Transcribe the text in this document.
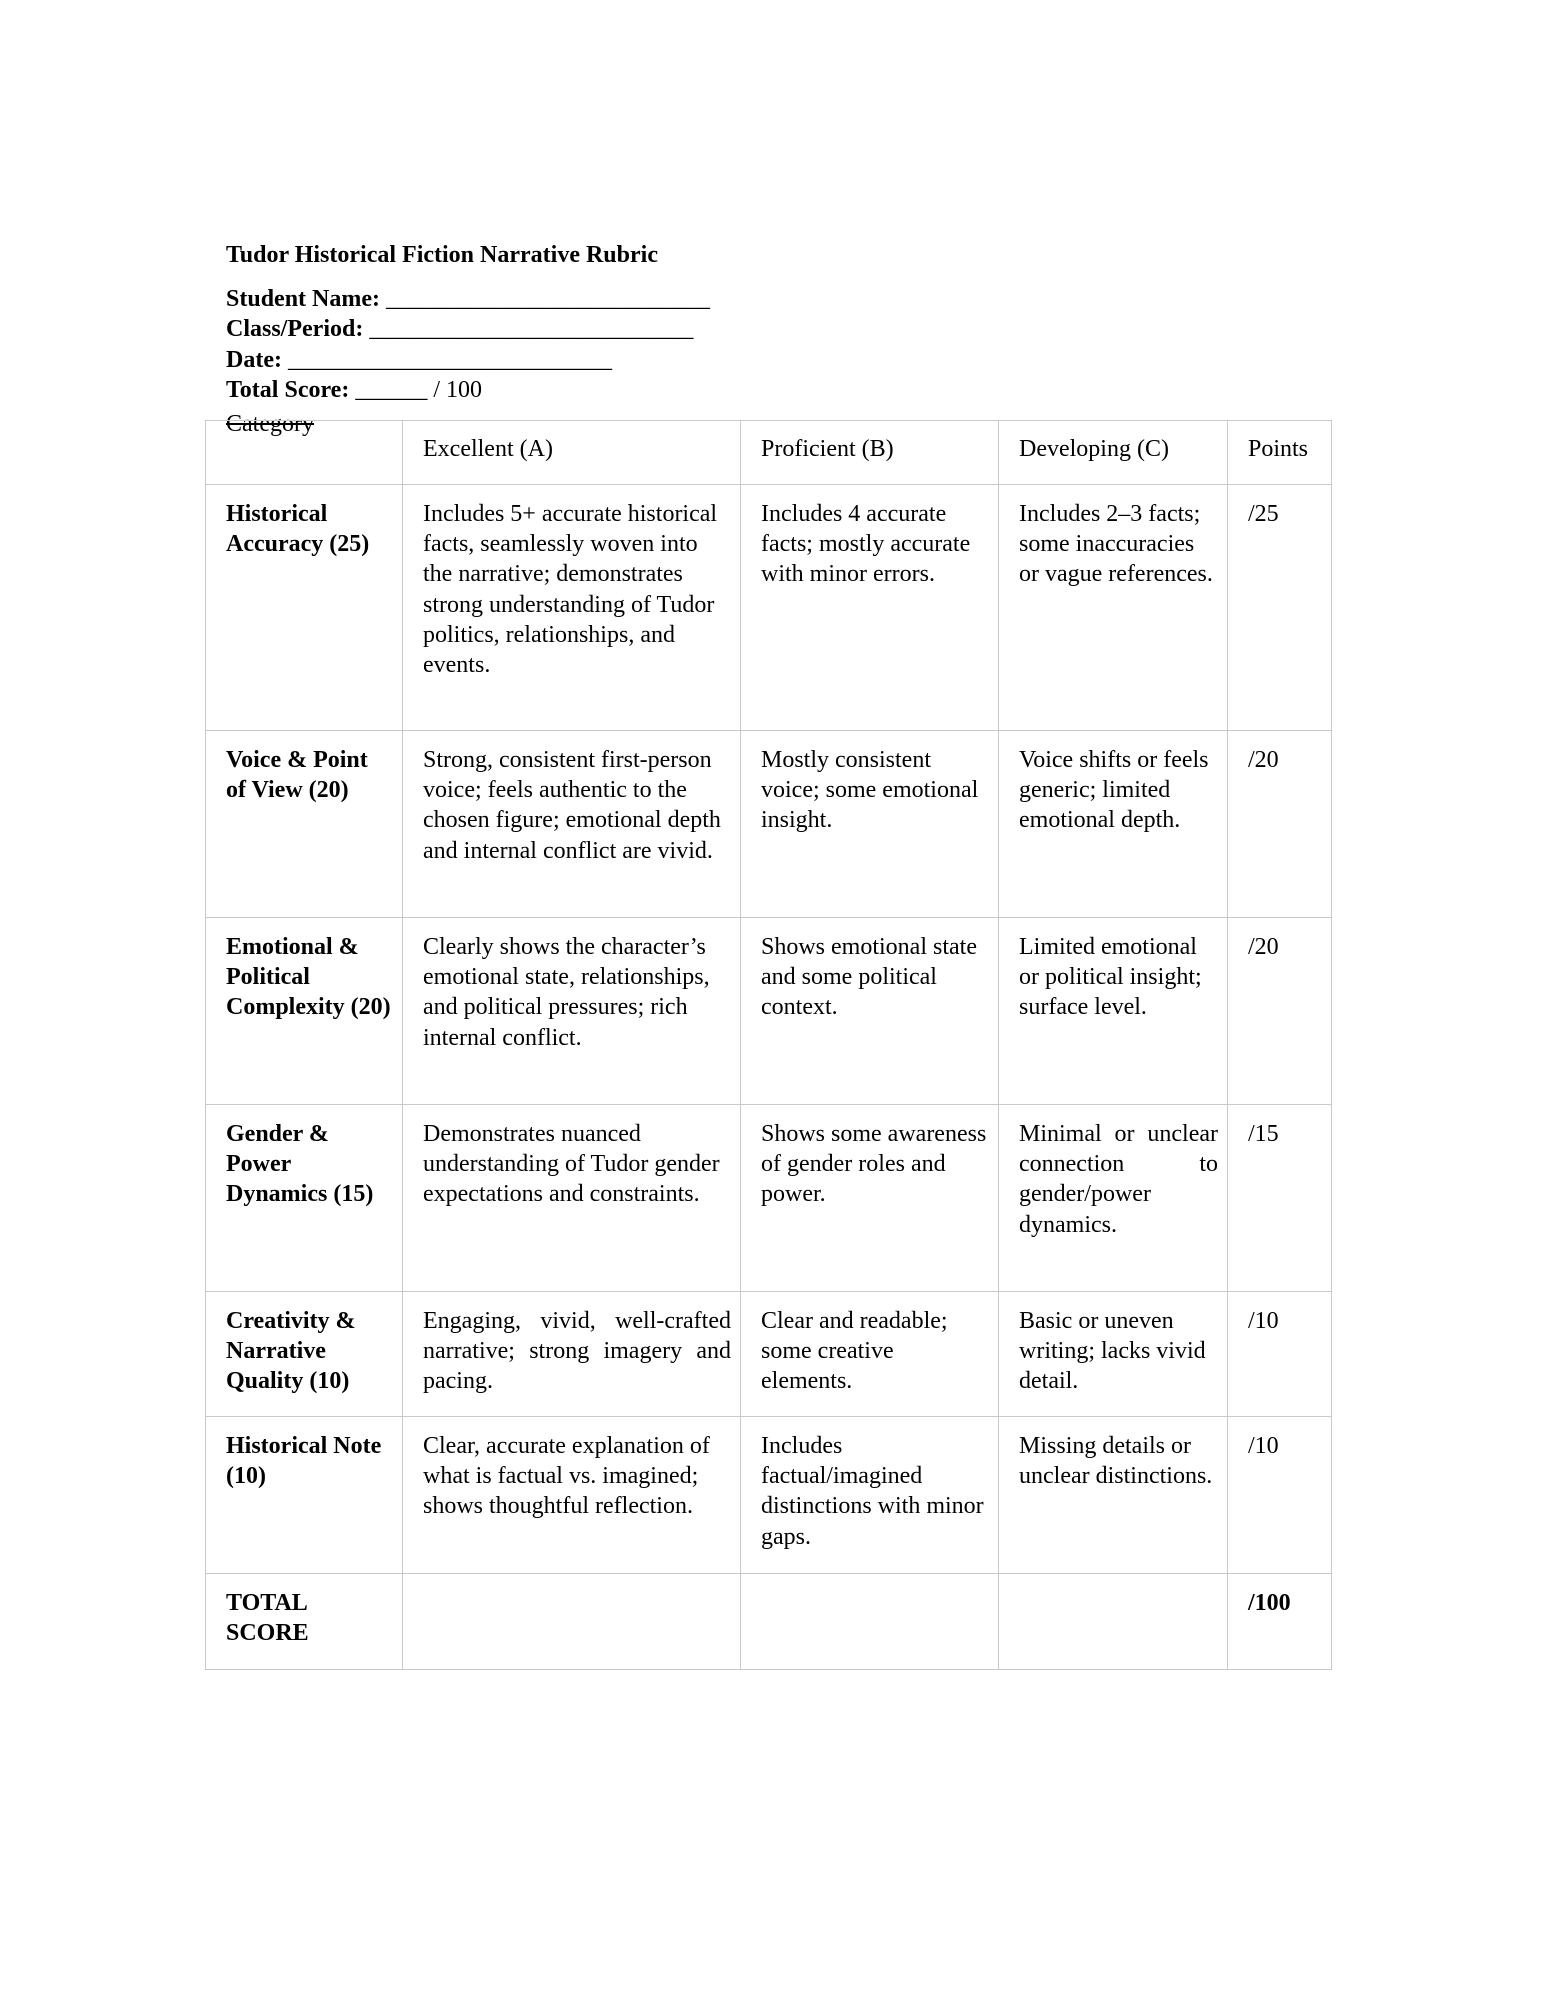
Tudor Historical Fiction Narrative Rubric
Student Name: ___________________________
Class/Period: ___________________________
Date: ___________________________
Total Score: ______ / 100
Category
	Excellent (A)	Proficient (B)	Developing (C)	Points
Historical Accuracy (25)	Includes 5+ accurate historical facts, seamlessly woven into the narrative; demonstrates strong understanding of Tudor politics, relationships, and events.	Includes 4 accurate facts; mostly accurate with minor errors.	Includes 2–3 facts; some inaccuracies or vague references.	/25
Voice & Point of View (20)	Strong, consistent first-person voice; feels authentic to the chosen figure; emotional depth and internal conflict are vivid.	Mostly consistent voice; some emotional insight.	Voice shifts or feels generic; limited emotional depth.	/20
Emotional & Political Complexity (20)	Clearly shows the character’s emotional state, relationships, and political pressures; rich internal conflict.	Shows emotional state and some political context.	Limited emotional or political insight; surface level.	/20
Gender & Power Dynamics (15)	Demonstrates nuanced understanding of Tudor gender expectations and constraints.	Shows some awareness of gender roles and power.	Minimal or unclear connection to gender/power dynamics.	/15
Creativity & Narrative Quality (10)	Engaging, vivid, well-crafted narrative; strong imagery and pacing.	Clear and readable; some creative elements.	Basic or uneven writing; lacks vivid detail.	/10
Historical Note (10)	Clear, accurate explanation of what is factual vs. imagined; shows thoughtful reflection.	Includes factual/imagined distinctions with minor gaps.	Missing details or unclear distinctions.	/10
TOTAL SCORE				/100
